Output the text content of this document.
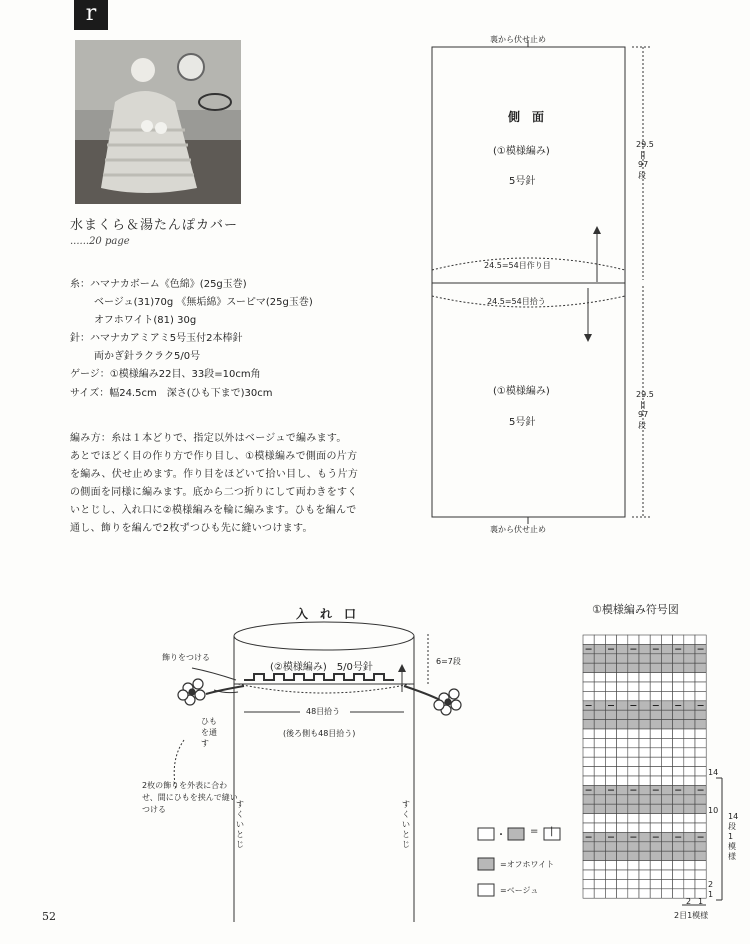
r
水まくら＆湯たんぽカバー
......20 page
糸：ハマナカボーム《色綿》(25g玉巻)
ベージュ(31)70g 《無垢綿》スーピマ(25g玉巻)
オフホワイト(81) 30g
針：ハマナカアミアミ5号玉付2本棒針
両かぎ針ラクラク5/0号
ゲージ：①模様編み22目、33段=10cm角
サイズ：幅24.5cm　深さ(ひも下まで)30cm

編み方：糸は１本どりで、指定以外はベージュで編みます。

あとでほどく目の作り方で作り目し、①模様編みで側面の片方を編み、伏せ止めます。作り目をほどいて拾い目し、もう片方の側面を同様に編みます。底から二つ折りにして両わきをすくいとじし、入れ口に②模様編みを輪に編みます。ひもを編んで通し、飾りを編んで2枚ずつひも先に縫いつけます。

裏から伏せ止め
側　面
(①模様編み)
5号針
29.5
||
97
段
24.5=54目作り目
24.5=54目拾う
(①模様編み)
5号針
29.5
||
97
段
裏から伏せ止め
入　れ　口
(②模様編み)　5/0号針
6=7段
48目拾う
(後ろ側も48目拾う)
飾りをつける
ひもを通す
2枚の飾りを外表に合わせ、間にひもを挟んで縫いつける
すくいとじ
すくいとじ
・ = |
=オフホワイト
=ベージュ
①模様編み符号図
14
10
2
1
14段1模様
2 1
2目1模様
52
